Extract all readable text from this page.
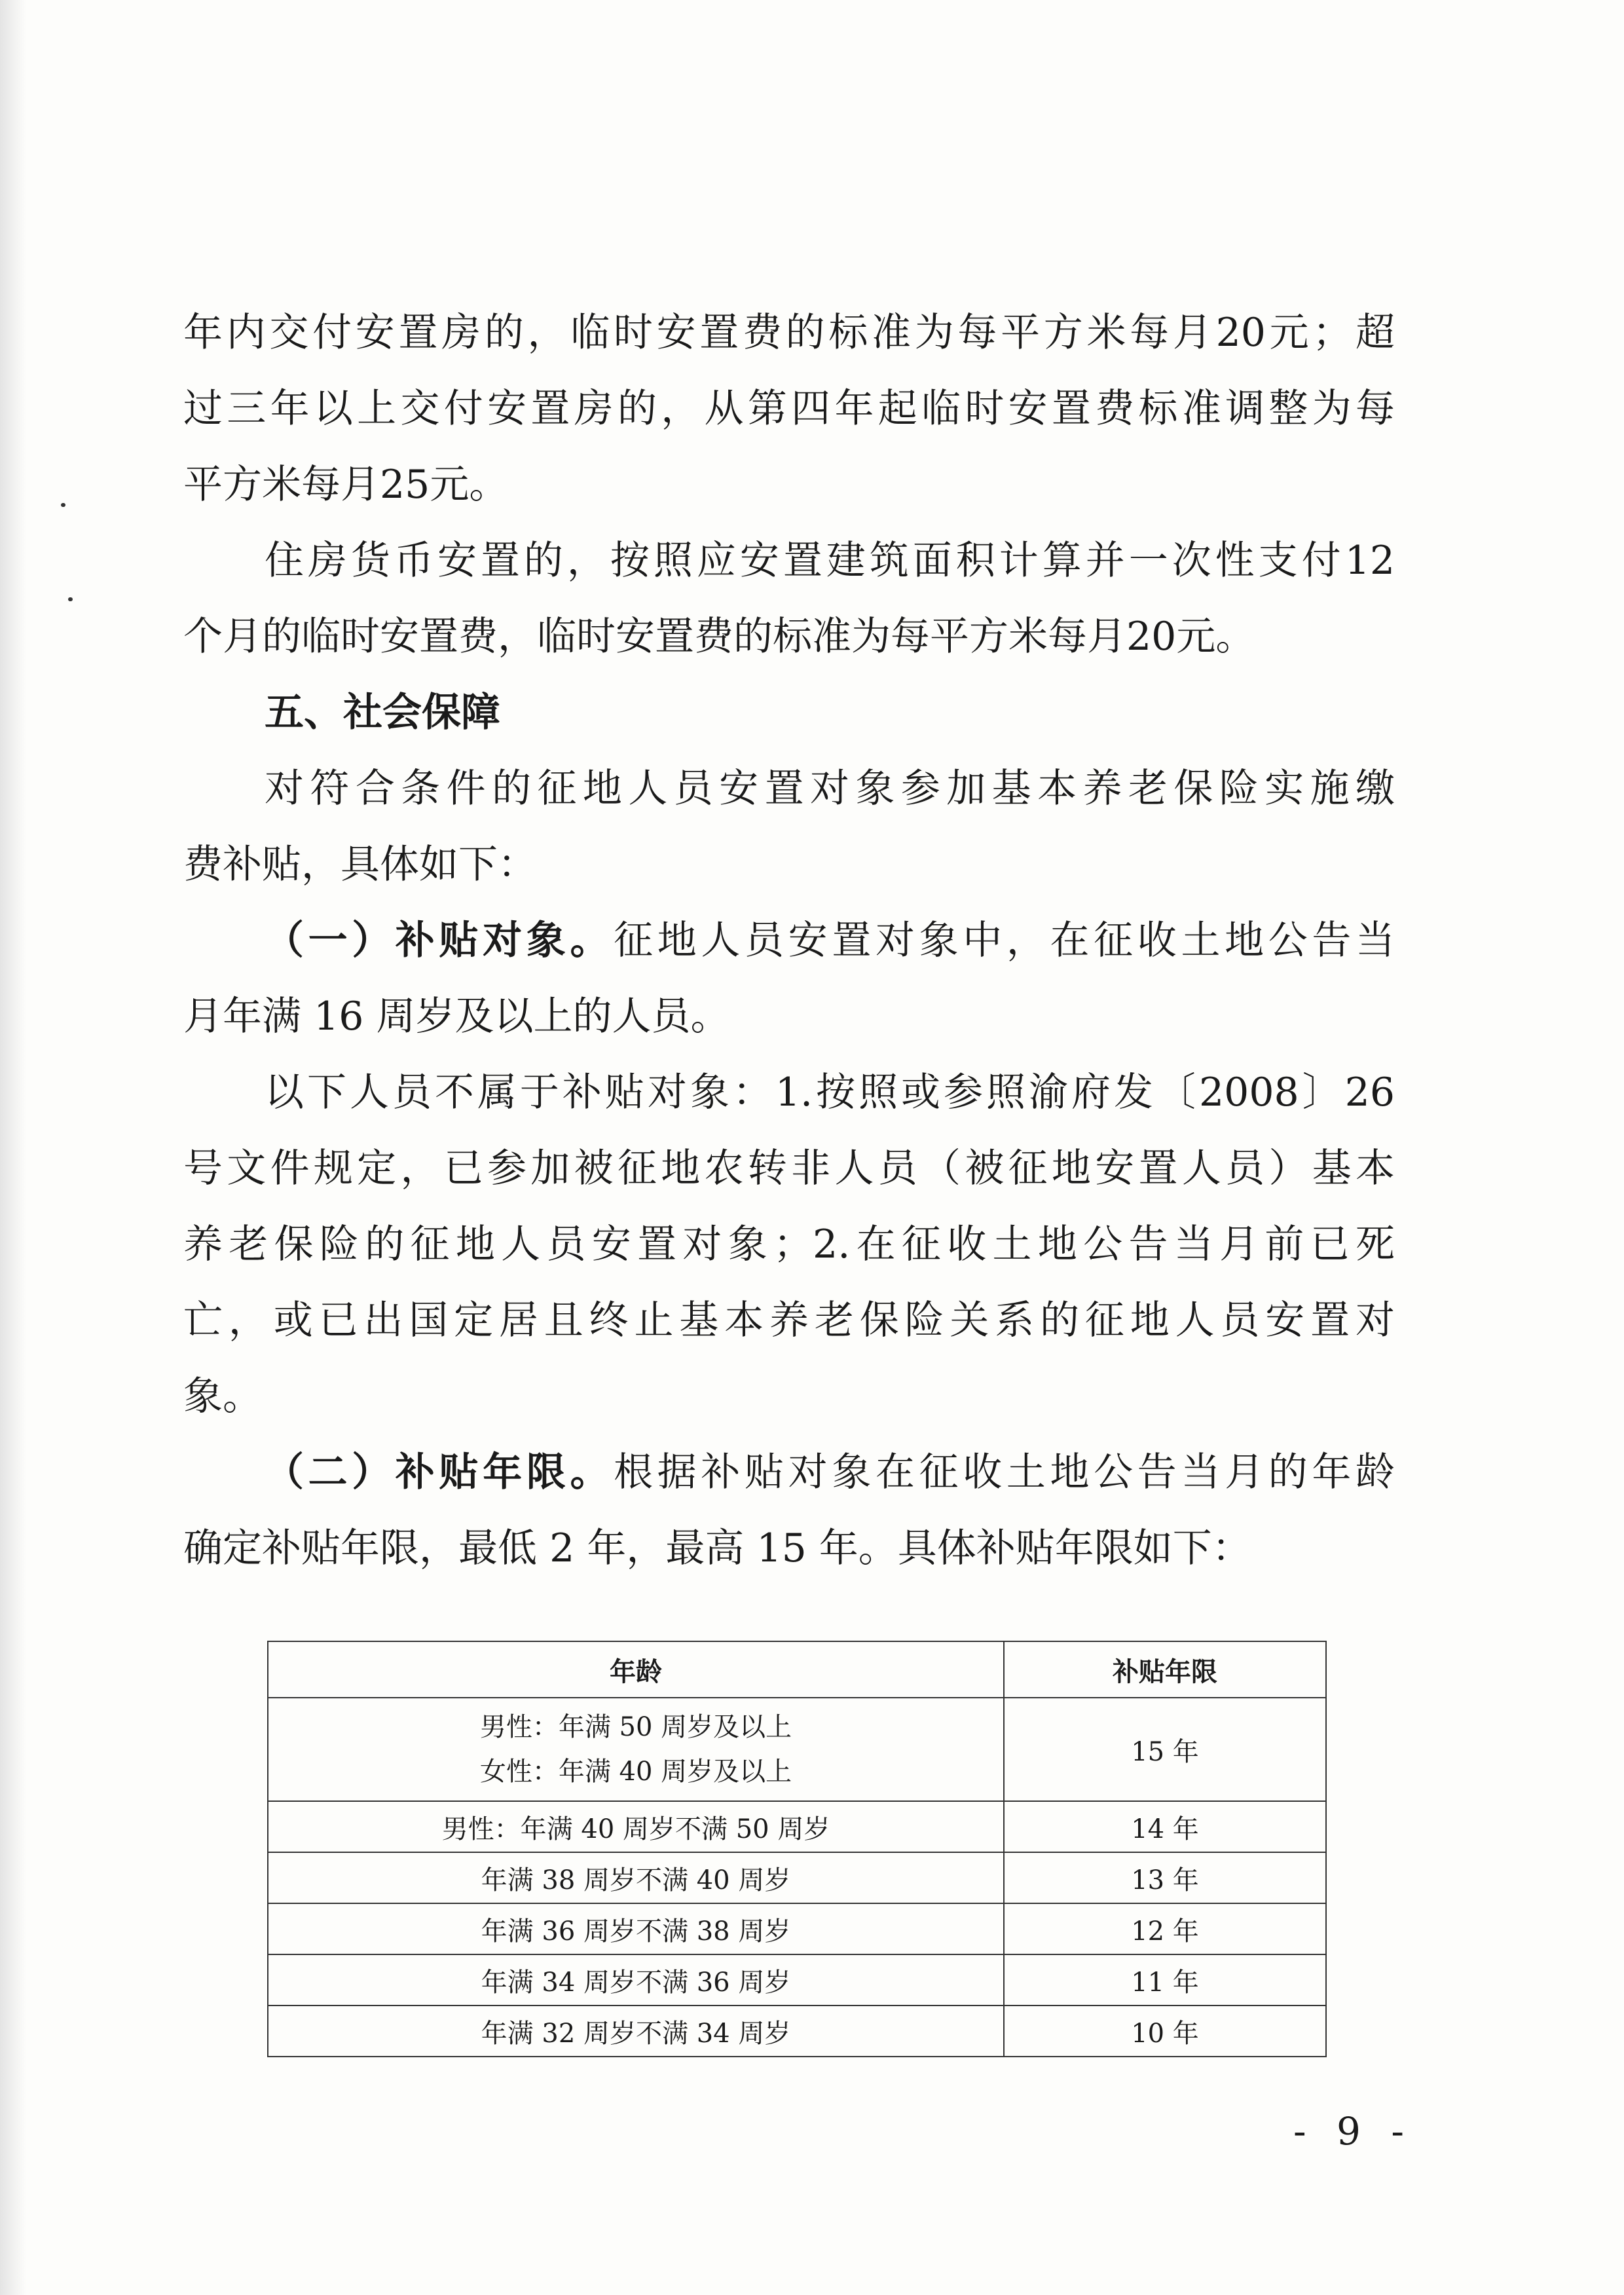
年内交付安置房的，临时安置费的标准为每平方米每月20元；超
过三年以上交付安置房的，从第四年起临时安置费标准调整为每
平方米每月25元。
住房货币安置的，按照应安置建筑面积计算并一次性支付12
个月的临时安置费，临时安置费的标准为每平方米每月20元。
五、社会保障
对符合条件的征地人员安置对象参加基本养老保险实施缴
费补贴，具体如下：
（一）补贴对象。征地人员安置对象中，在征收土地公告当
月年满 16 周岁及以上的人员。
以下人员不属于补贴对象：1.按照或参照渝府发〔2008〕26
号文件规定，已参加被征地农转非人员（被征地安置人员）基本
养老保险的征地人员安置对象；2.在征收土地公告当月前已死
亡，或已出国定居且终止基本养老保险关系的征地人员安置对
象。
（二）补贴年限。根据补贴对象在征收土地公告当月的年龄
确定补贴年限，最低 2 年，最高 15 年。具体补贴年限如下：
年龄	补贴年限

男性：年满 50 周岁及以上
女性：年满 40 周岁及以上	15 年
男性：年满 40 周岁不满 50 周岁	14 年
年满 38 周岁不满 40 周岁	13 年
年满 36 周岁不满 38 周岁	12 年
年满 34 周岁不满 36 周岁	11 年
年满 32 周岁不满 34 周岁	10 年
- 9 -
